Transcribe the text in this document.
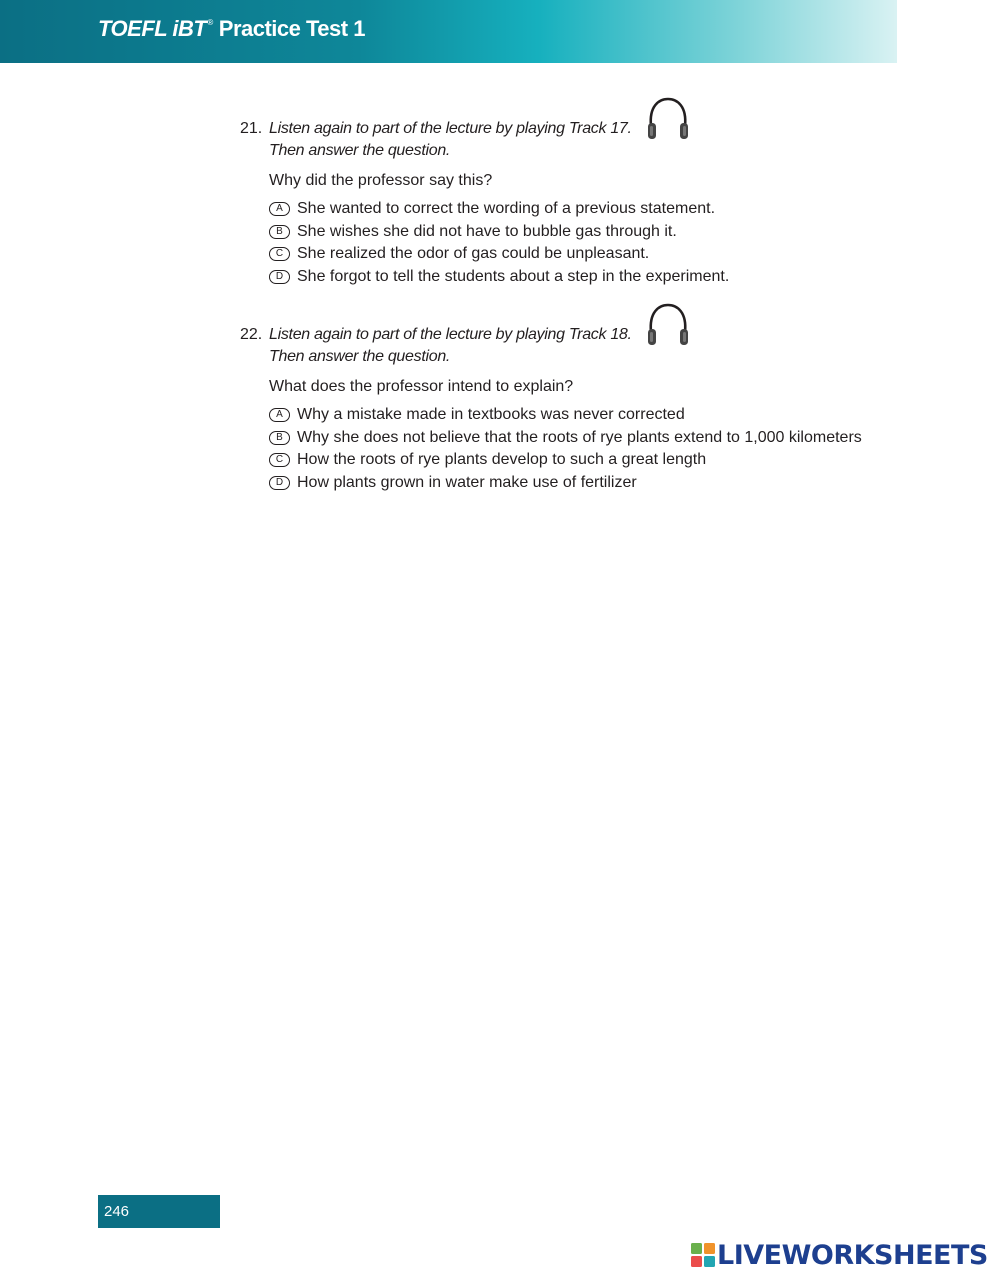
TOEFL iBT ® Practice Test 1
21. Listen again to part of the lecture by playing Track 17.
Then answer the question.
Why did the professor say this?
A She wanted to correct the wording of a previous statement.
B She wishes she did not have to bubble gas through it.
C She realized the odor of gas could be unpleasant.
D She forgot to tell the students about a step in the experiment.
22. Listen again to part of the lecture by playing Track 18.
Then answer the question.
What does the professor intend to explain?
A Why a mistake made in textbooks was never corrected
B Why she does not believe that the roots of rye plants extend to 1,000 kilometers
C How the roots of rye plants develop to such a great length
D How plants grown in water make use of fertilizer
246
LIVEWORKSHEETS
